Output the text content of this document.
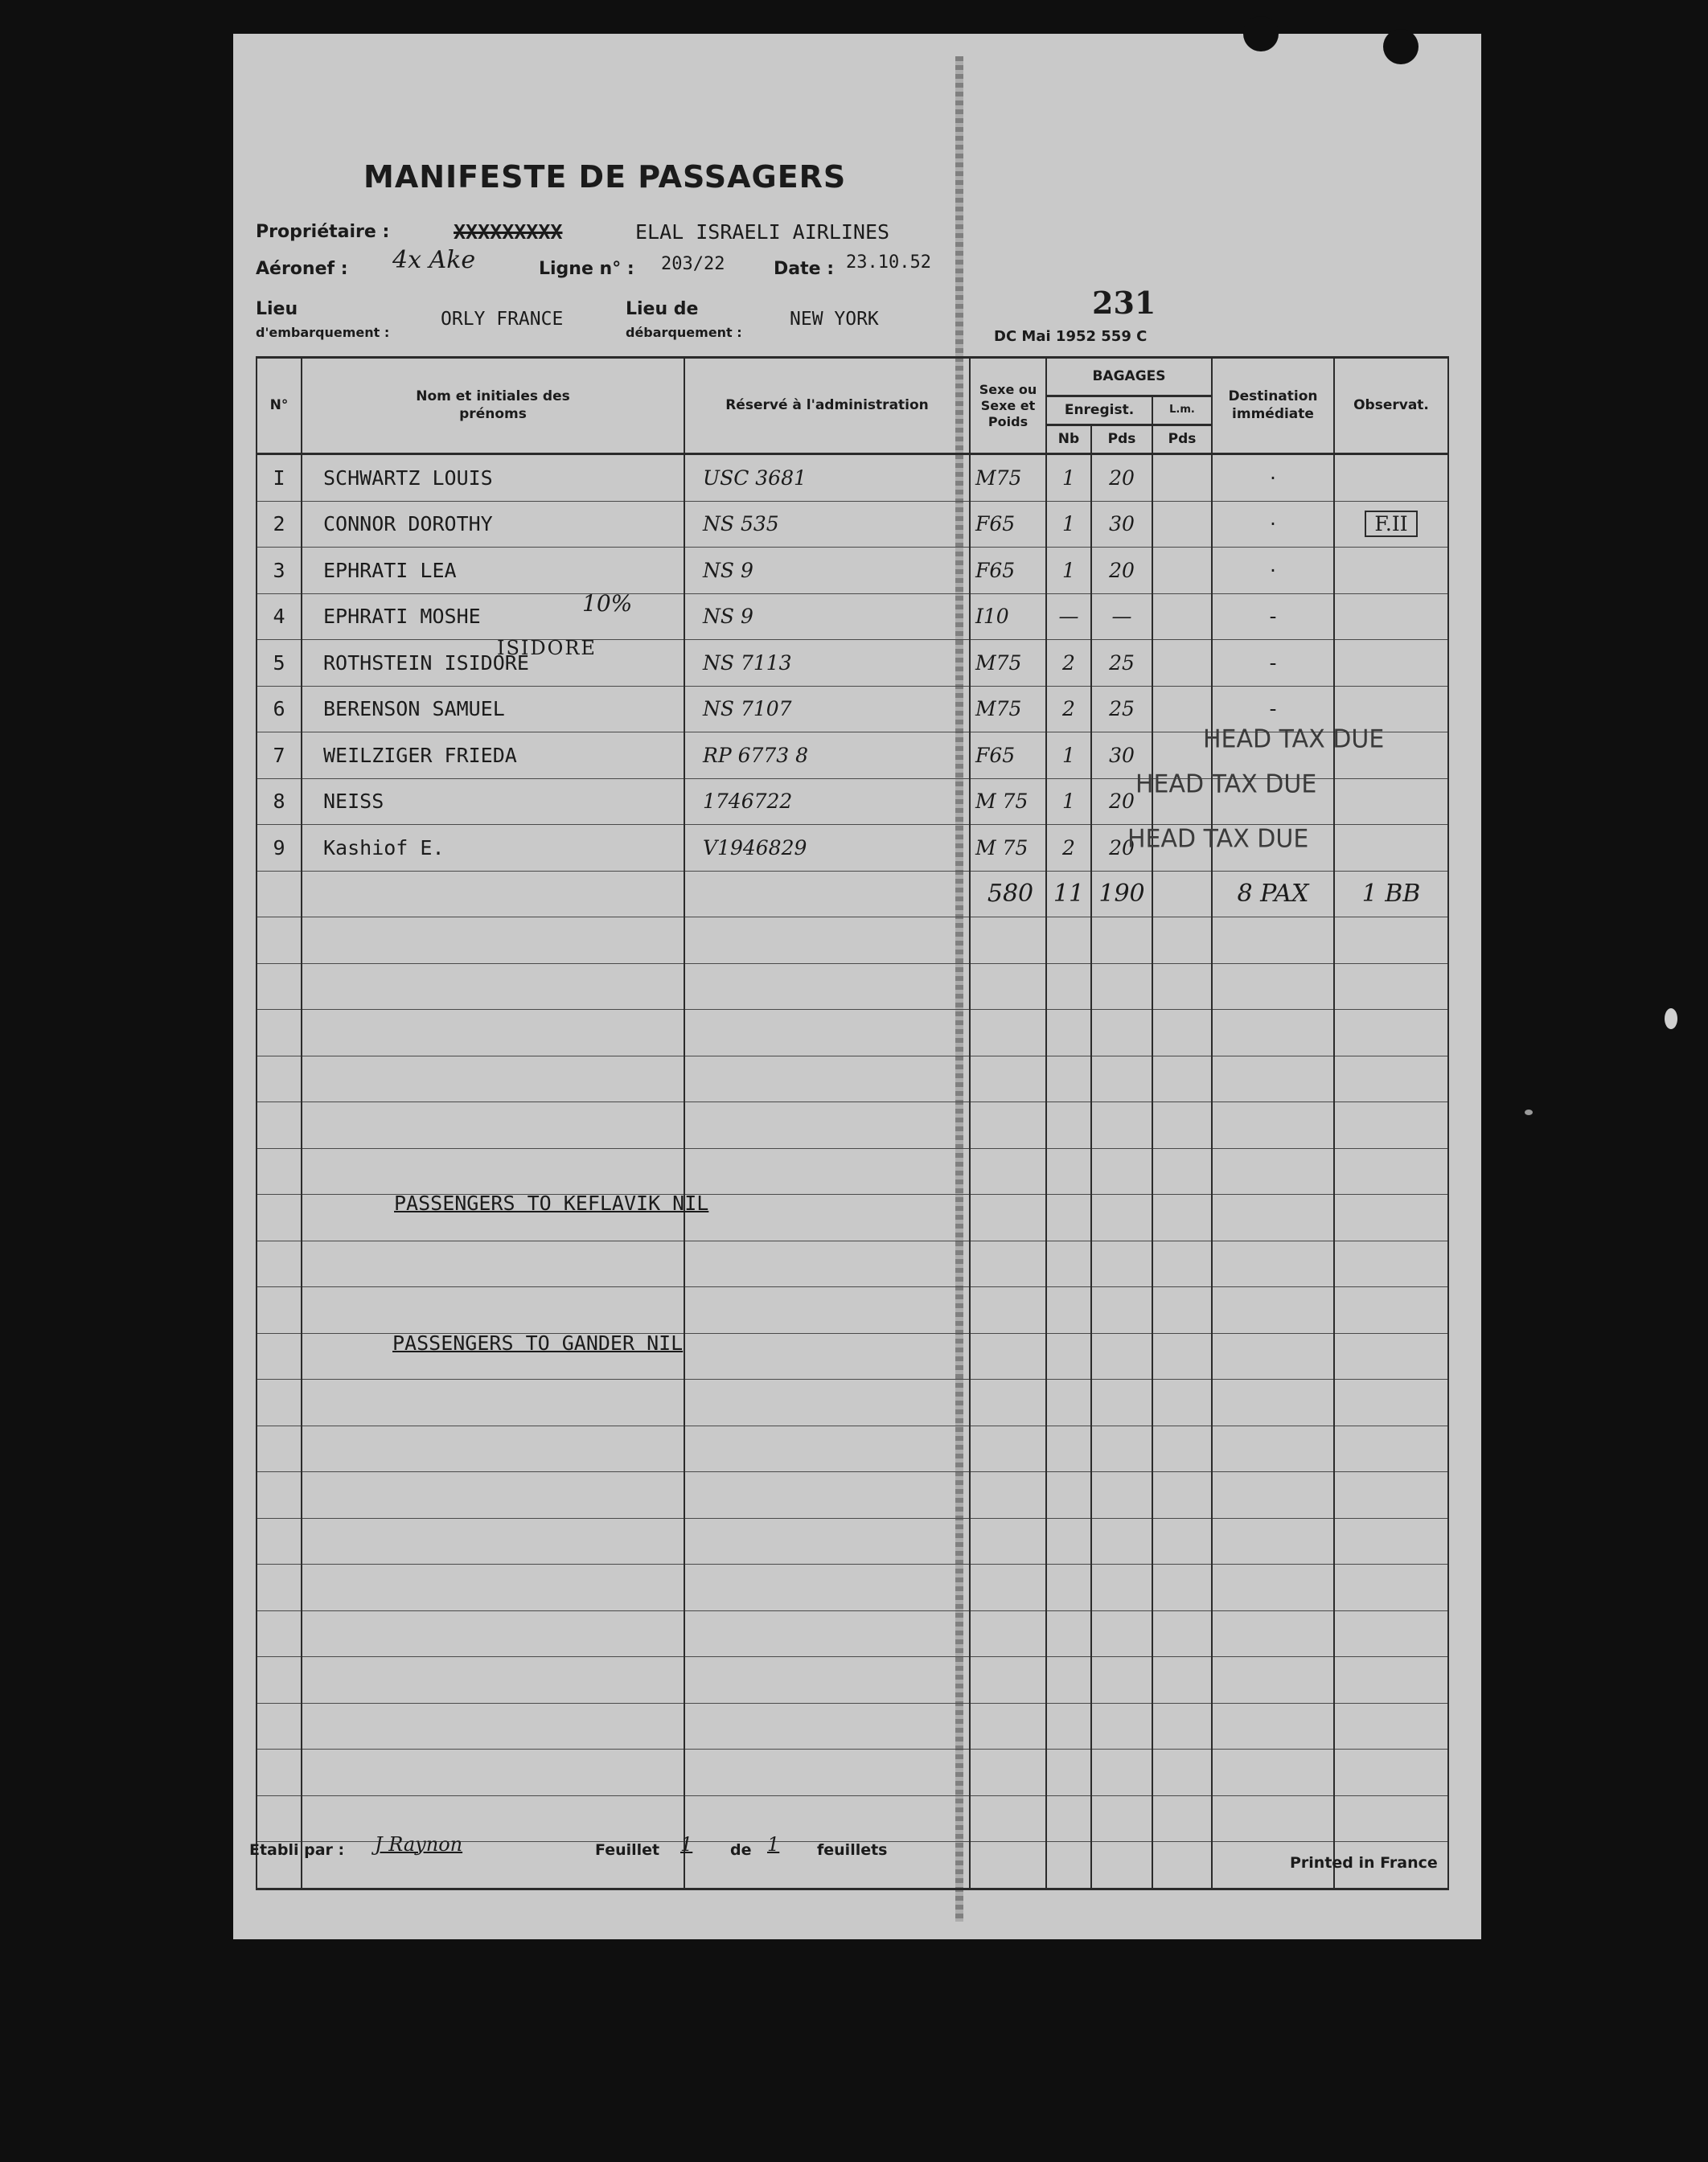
MANIFESTE DE PASSAGERS
Propriétaire :	XXXXXXXXX	ELAL ISRAELI AIRLINES
Aéronef : 4x Ake	Ligne n° : 203/22	Date : 23.10.52
Lieu
d'embarquement :
ORLY FRANCE	Lieu de
débarquement :
NEW YORK	231
DC Mai 1952 559 C
N°	Nom et initiales des prénoms	Réservé à l'administration	Sexe ou Sexe et Poids	BAGAGES			Destination immédiate	Observat.
				Enregist.		L.m.		
				Nb	Pds	Pds		
I	SCHWARTZ LOUIS	USC 3681	M75	1	20		·	
2	CONNOR DOROTHY	NS 535	F65	1	30		·	F.II
3	EPHRATI LEA	NS 9	F65	1	20		·	
4	EPHRATI MOSHE	NS 9	I10	—	—		-	
5	ROTHSTEIN ISIDORE	NS 7113	M75	2	25		-	
6	BERENSON SAMUEL	NS 7107	M75	2	25		-	
7	WEILZIGER FRIEDA	RP 6773 8	F65	1	30			
8	NEISS	1746722	M 75	1	20			
9	Kashiof E.	V1946829	M 75	2	20			
			580	11	190		8 PAX	1 BB

10%
ISIDORE
HEAD TAX DUE
HEAD TAX DUE
HEAD TAX DUE
PASSENGERS TO KEFLAVIK NIL
PASSENGERS TO GANDER NIL
Etabli par : J Raynon	Feuillet 1 de 1 feuillets
Printed in France
